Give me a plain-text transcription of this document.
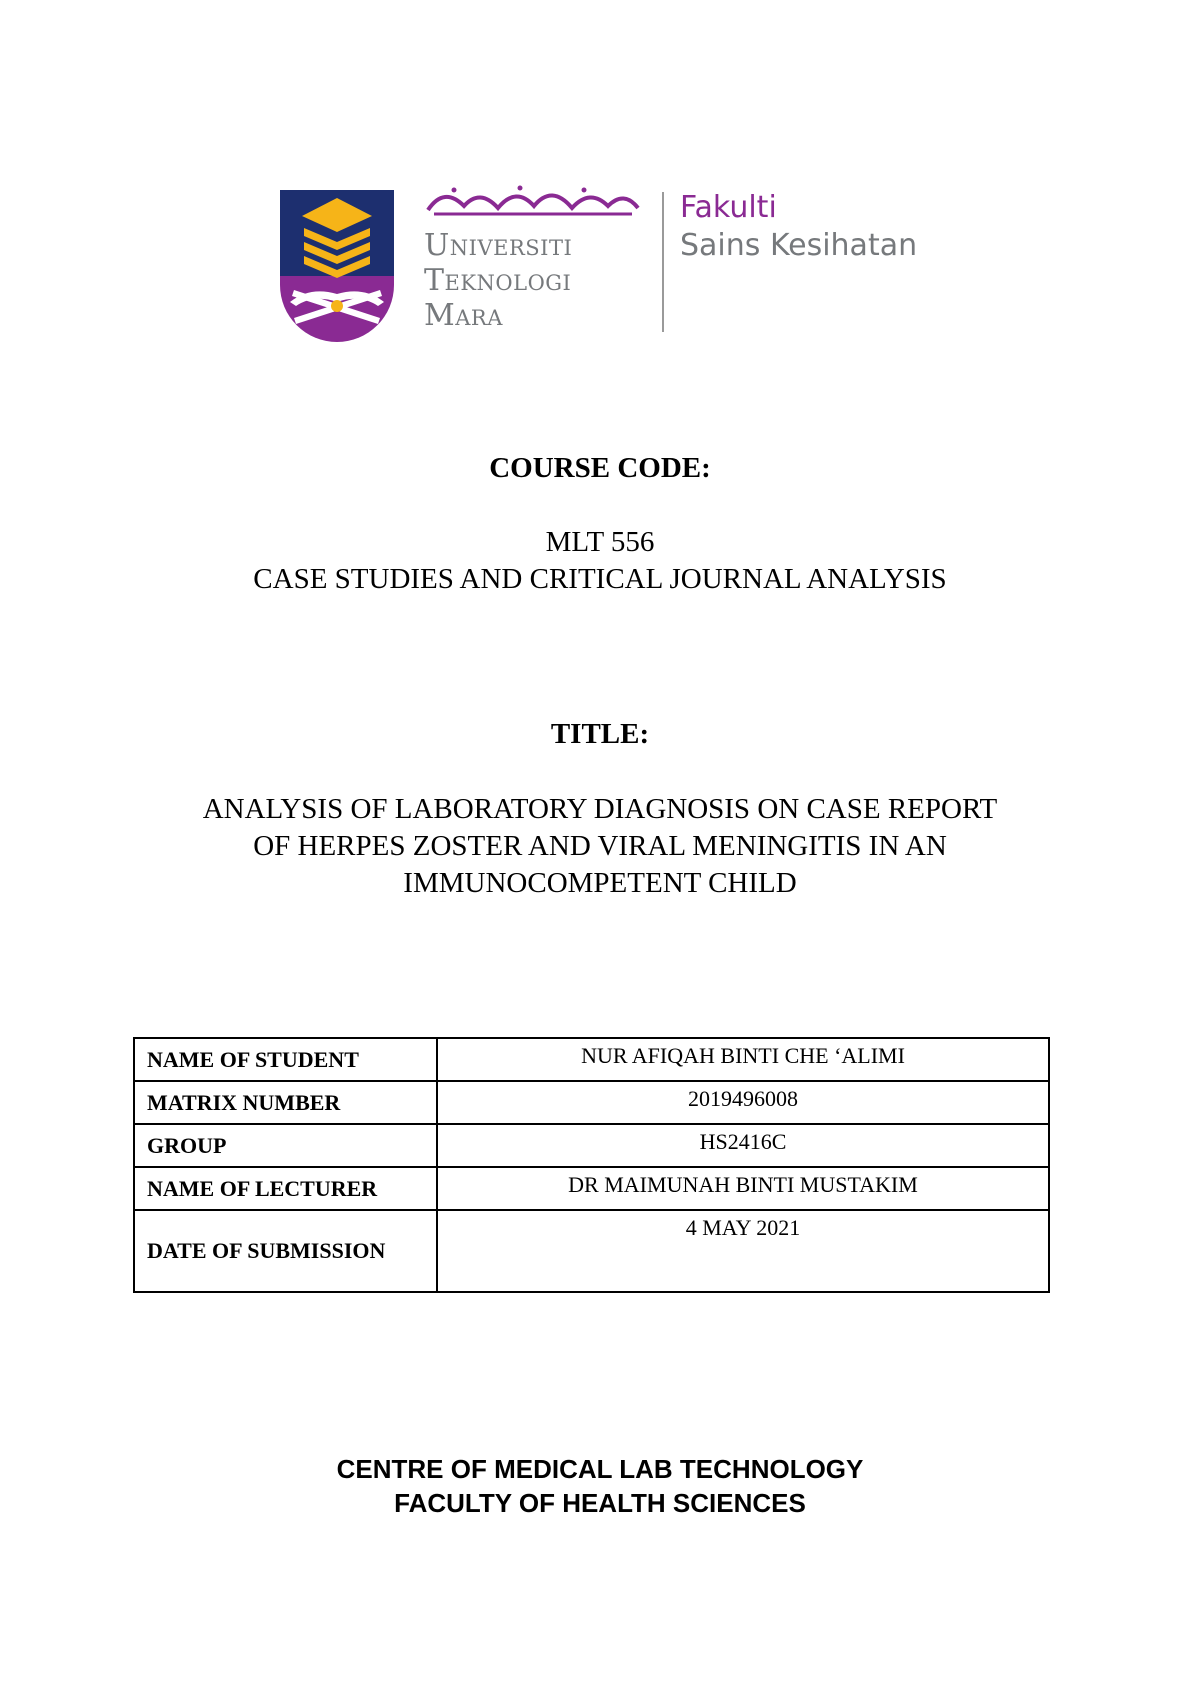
Universiti
Teknologi
Mara
Fakulti
Sains Kesihatan
COURSE CODE:
MLT 556
CASE STUDIES AND CRITICAL JOURNAL ANALYSIS
TITLE:
ANALYSIS OF LABORATORY DIAGNOSIS ON CASE REPORT
OF HERPES ZOSTER AND VIRAL MENINGITIS IN AN
IMMUNOCOMPETENT CHILD
NAME OF STUDENT	NUR AFIQAH BINTI CHE ‘ALIMI
MATRIX NUMBER	2019496008
GROUP	HS2416C
NAME OF LECTURER	DR MAIMUNAH BINTI MUSTAKIM
DATE OF SUBMISSION	4 MAY 2021
CENTRE OF MEDICAL LAB TECHNOLOGY
FACULTY OF HEALTH SCIENCES
